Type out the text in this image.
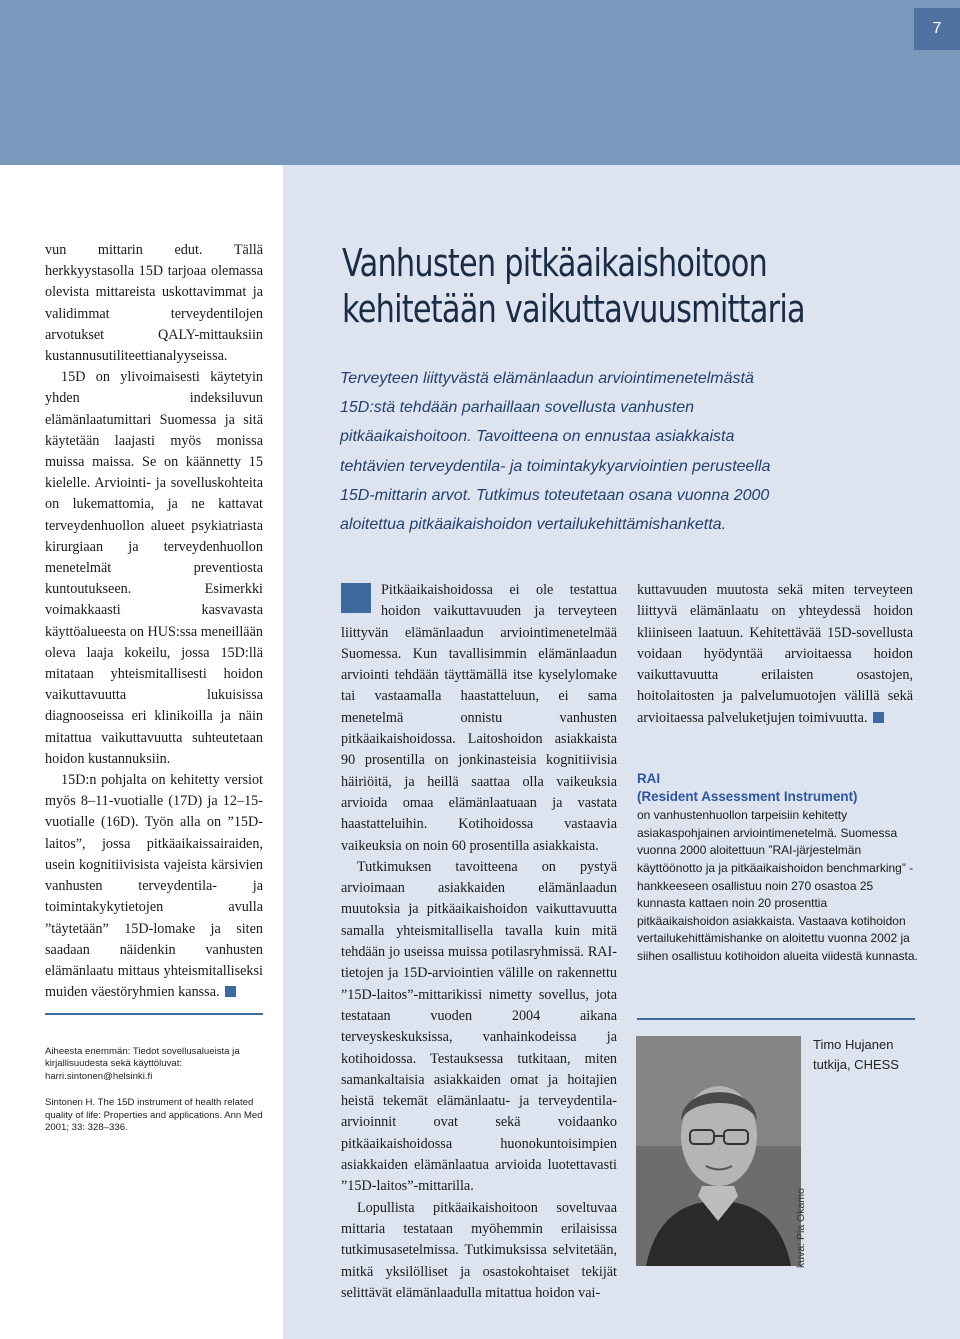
7

vun mittarin edut. Tällä herkkyystasolla 15D tarjoaa olemassa olevista mittareista uskottavimmat ja validimmat terveydentilojen arvotukset QALY-mittauksiin kustannusutiliteettianalyyseissa.

15D on ylivoimaisesti käytetyin yhden indeksiluvun elämänlaatumittari Suomessa ja sitä käytetään laajasti myös monissa muissa maissa. Se on käännetty 15 kielelle. Arviointi- ja sovelluskohteita on lukemattomia, ja ne kattavat terveydenhuollon alueet psykiatriasta kirurgiaan ja terveydenhuollon menetelmät preventiosta kuntoutukseen. Esimerkki voimakkaasti kasvavasta käyttöalueesta on HUS:ssa meneillään oleva laaja kokeilu, jossa 15D:llä mitataan yhteismitallisesti hoidon vaikuttavuutta lukuisissa diagnooseissa eri klinikoilla ja näin mitattua vaikuttavuutta suhteutetaan hoidon kustannuksiin.

15D:n pohjalta on kehitetty versiot myös 8–11-vuotialle (17D) ja 12–15-vuotialle (16D). Työn alla on ”15D-laitos”, jossa pitkäaikaissairaiden, usein kognitiivisista vajeista kärsivien vanhusten terveydentila- ja toimintakykytietojen avulla ”täytetään” 15D-lomake ja siten saadaan näidenkin vanhusten elämänlaatu mittaus yhteismitalliseksi muiden väestöryhmien kanssa.

Aiheesta enemmän: Tiedot sovellusalueista ja kirjallisuudesta sekä käyttöluvat: harri.sintonen@helsinki.fi

Sintonen H. The 15D instrument of health related quality of life: Properties and applications. Ann Med 2001; 33: 328–336.

Vanhusten pitkäaikaishoitoon
kehitetään vaikuttavuusmittaria

Terveyteen liittyvästä elämänlaadun arviointimenetelmästä 15D:stä tehdään parhaillaan sovellusta vanhusten pitkäaikaishoitoon. Tavoitteena on ennustaa asiakkaista tehtävien terveydentila- ja toimintakykyarviointien perusteella 15D-mittarin arvot. Tutkimus toteutetaan osana vuonna 2000 aloitettua pitkäaikaishoidon vertailukehittämishanketta.

Pitkäaikaishoidossa ei ole testattua hoidon vaikuttavuuden ja terveyteen liittyvän elämänlaadun arviointimenetelmää Suomessa. Kun tavallisimmin elämänlaadun arviointi tehdään täyttämällä itse kyselylomake tai vastaamalla haastatteluun, ei sama menetelmä onnistu vanhusten pitkäaikaishoidossa. Laitoshoidon asiakkaista 90 prosentilla on jonkinasteisia kognitiivisia häiriöitä, ja heillä saattaa olla vaikeuksia arvioida omaa elämänlaatuaan ja vastata haastatteluihin. Kotihoidossa vastaavia vaikeuksia on noin 60 prosentilla asiakkaista.

Tutkimuksen tavoitteena on pystyä arvioimaan asiakkaiden elämänlaadun muutoksia ja pitkäaikaishoidon vaikuttavuutta samalla yhteismitallisella tavalla kuin mitä tehdään jo useissa muissa potilasryhmissä. RAI-tietojen ja 15D-arviointien välille on rakennettu ”15D-laitos”-mittarikissi nimetty sovellus, jota testataan vuoden 2004 aikana terveyskeskuksissa, vanhainkodeissa ja kotihoidossa. Testauksessa tutkitaan, miten samankaltaisia asiakkaiden omat ja hoitajien heistä tekemät elämänlaatu- ja terveydentila-arvioinnit ovat sekä voidaanko pitkäaikaishoidossa huonokuntoisimpien asiakkaiden elämänlaatua arvioida luotettavasti ”15D-laitos”-mittarilla.

Lopullista pitkäaikaishoitoon soveltuvaa mittaria testataan myöhemmin erilaisissa tutkimusasetelmissa. Tutkimuksissa selvitetään, mitkä yksilölliset ja osastokohtaiset tekijät selittävät elämänlaadulla mitattua hoidon vai-

kuttavuuden muutosta sekä miten terveyteen liittyvä elämänlaatu on yhteydessä hoidon kliiniseen laatuun. Kehitettävää 15D-sovellusta voidaan hyödyntää arvioitaessa hoidon vaikuttavuutta erilaisten osastojen, hoitolaitosten ja palvelumuotojen välillä sekä arvioitaessa palveluketjujen toimivuutta.

RAI
(Resident Assessment Instrument)
on vanhustenhuollon tarpeisiin kehitetty asiakaspohjainen arviointimenetelmä. Suomessa vuonna 2000 aloitettuun ”RAI-järjestelmän käyttöönotto ja ja pitkäaikaishoidon benchmarking” -hankkeeseen osallistuu noin 270 osastoa 25 kunnasta kattaen noin 20 prosenttia pitkäaikaishoidon asiakkaista. Vastaava kotihoidon vertailukehittämishanke on aloitettu vuonna 2002 ja siihen osallistuu kotihoidon alueita viidestä kunnasta.
kuva: Pia Okamo
Timo Hujanen
tutkija, CHESS
